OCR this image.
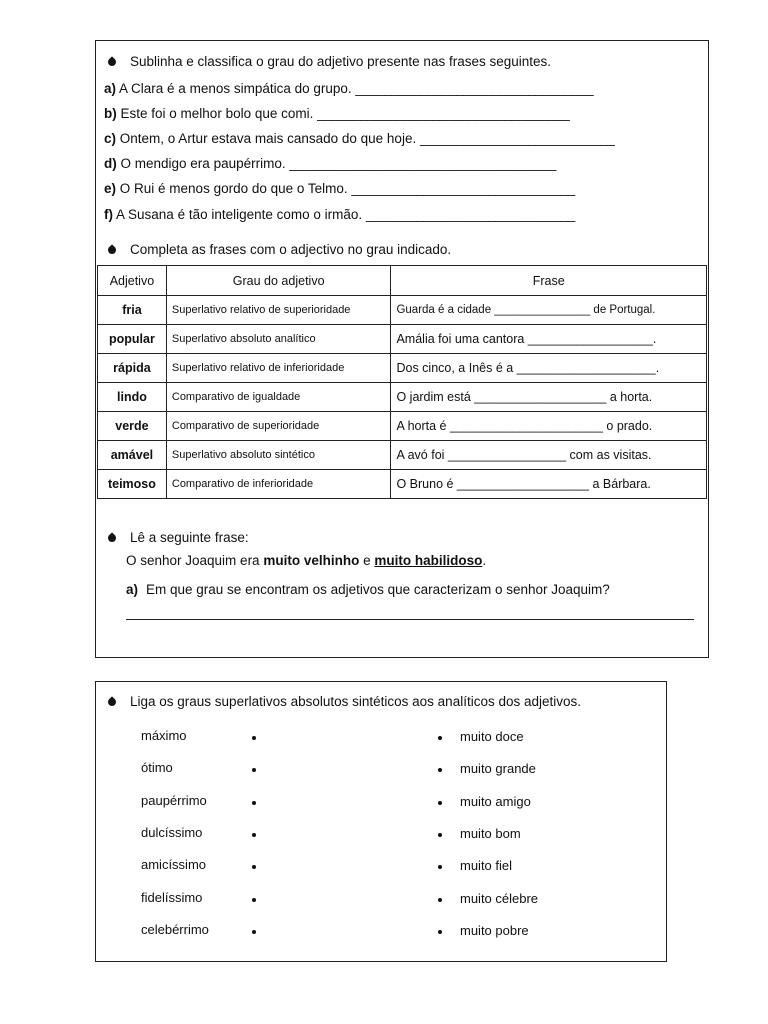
Sublinha e classifica o grau do adjetivo presente nas frases seguintes.
a) A Clara é a menos simpática do grupo. _________________________________
b) Este foi o melhor bolo que comi. ___________________________________
c) Ontem, o Artur estava mais cansado do que hoje. ___________________________
d) O mendigo era paupérrimo. _____________________________________
e) O Rui é menos gordo do que o Telmo. _______________________________
f) A Susana é tão inteligente como o irmão. _____________________________
Completa as frases com o adjectivo no grau indicado.
Adjetivo	Grau do adjetivo	Frase
fria	Superlativo relativo de superioridade	Guarda é a cidade _______________ de Portugal.
popular	Superlativo absoluto analítico	Amália foi uma cantora __________________.
rápida	Superlativo relativo de inferioridade	Dos cinco, a Inês é a ____________________.
lindo	Comparativo de igualdade	O jardim está ___________________ a horta.
verde	Comparativo de superioridade	A horta é ______________________ o prado.
amável	Superlativo absoluto sintético	A avó foi _________________ com as visitas.
teimoso	Comparativo de inferioridade	O Bruno é ___________________ a Bárbara.
Lê a seguinte frase:
O senhor Joaquim era muito velhinho e muito habilidoso.
a) Em que grau se encontram os adjetivos que caracterizam o senhor Joaquim?
Liga os graus superlativos absolutos sintéticos aos analíticos dos adjetivos.
máximo	muito doce
ótimo	muito grande
paupérrimo	muito amigo
dulcíssimo	muito bom
amicíssimo	muito fiel
fidelíssimo	muito célebre
celebérrimo	muito pobre
